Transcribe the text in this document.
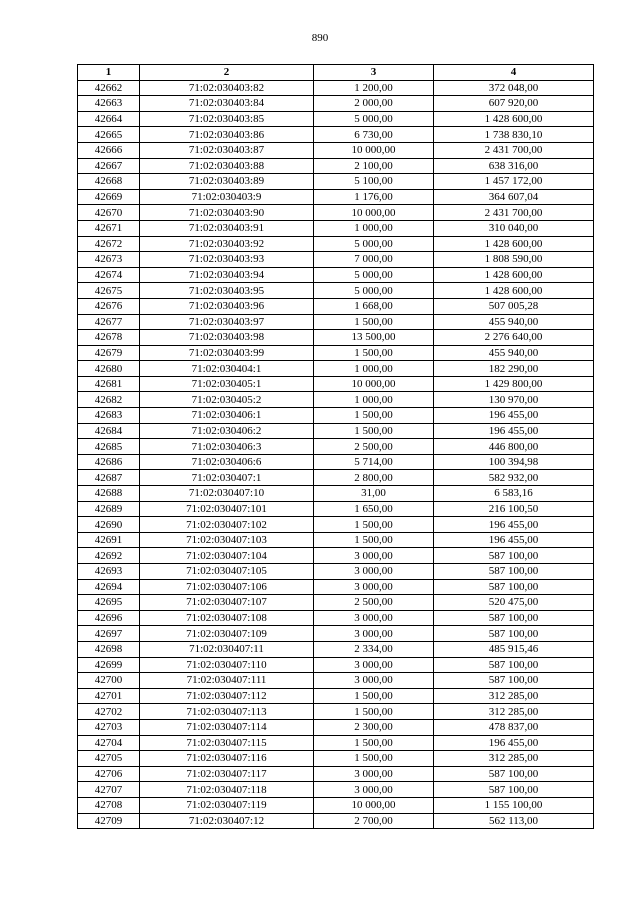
890
1	2	3	4
42662	71:02:030403:82	1 200,00	372 048,00
42663	71:02:030403:84	2 000,00	607 920,00
42664	71:02:030403:85	5 000,00	1 428 600,00
42665	71:02:030403:86	6 730,00	1 738 830,10
42666	71:02:030403:87	10 000,00	2 431 700,00
42667	71:02:030403:88	2 100,00	638 316,00
42668	71:02:030403:89	5 100,00	1 457 172,00
42669	71:02:030403:9	1 176,00	364 607,04
42670	71:02:030403:90	10 000,00	2 431 700,00
42671	71:02:030403:91	1 000,00	310 040,00
42672	71:02:030403:92	5 000,00	1 428 600,00
42673	71:02:030403:93	7 000,00	1 808 590,00
42674	71:02:030403:94	5 000,00	1 428 600,00
42675	71:02:030403:95	5 000,00	1 428 600,00
42676	71:02:030403:96	1 668,00	507 005,28
42677	71:02:030403:97	1 500,00	455 940,00
42678	71:02:030403:98	13 500,00	2 276 640,00
42679	71:02:030403:99	1 500,00	455 940,00
42680	71:02:030404:1	1 000,00	182 290,00
42681	71:02:030405:1	10 000,00	1 429 800,00
42682	71:02:030405:2	1 000,00	130 970,00
42683	71:02:030406:1	1 500,00	196 455,00
42684	71:02:030406:2	1 500,00	196 455,00
42685	71:02:030406:3	2 500,00	446 800,00
42686	71:02:030406:6	5 714,00	100 394,98
42687	71:02:030407:1	2 800,00	582 932,00
42688	71:02:030407:10	31,00	6 583,16
42689	71:02:030407:101	1 650,00	216 100,50
42690	71:02:030407:102	1 500,00	196 455,00
42691	71:02:030407:103	1 500,00	196 455,00
42692	71:02:030407:104	3 000,00	587 100,00
42693	71:02:030407:105	3 000,00	587 100,00
42694	71:02:030407:106	3 000,00	587 100,00
42695	71:02:030407:107	2 500,00	520 475,00
42696	71:02:030407:108	3 000,00	587 100,00
42697	71:02:030407:109	3 000,00	587 100,00
42698	71:02:030407:11	2 334,00	485 915,46
42699	71:02:030407:110	3 000,00	587 100,00
42700	71:02:030407:111	3 000,00	587 100,00
42701	71:02:030407:112	1 500,00	312 285,00
42702	71:02:030407:113	1 500,00	312 285,00
42703	71:02:030407:114	2 300,00	478 837,00
42704	71:02:030407:115	1 500,00	196 455,00
42705	71:02:030407:116	1 500,00	312 285,00
42706	71:02:030407:117	3 000,00	587 100,00
42707	71:02:030407:118	3 000,00	587 100,00
42708	71:02:030407:119	10 000,00	1 155 100,00
42709	71:02:030407:12	2 700,00	562 113,00
